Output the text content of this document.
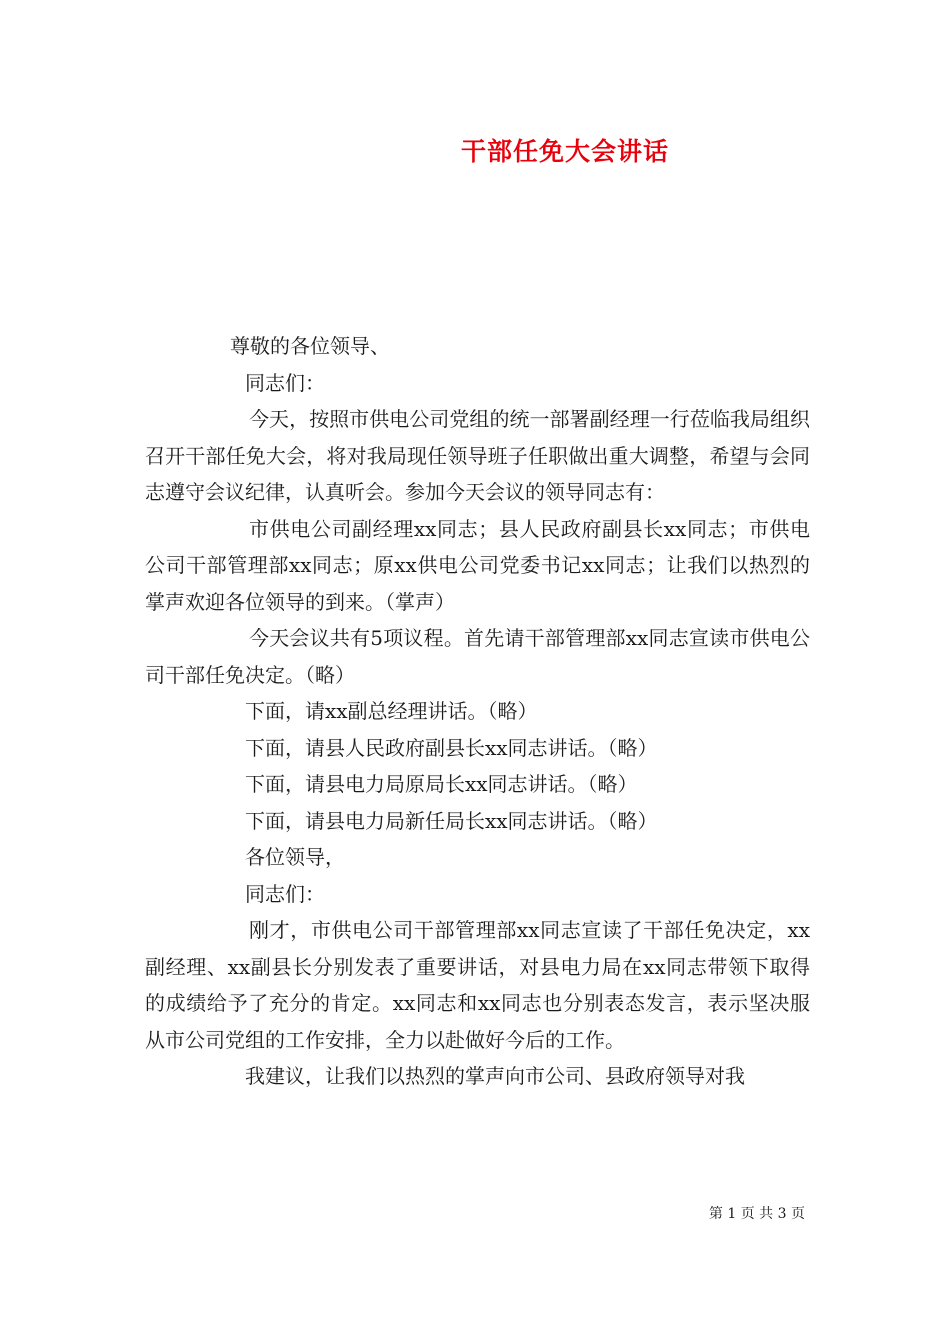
干部任免大会讲话

尊敬的各位领导、

同志们：

今天，按照市供电公司党组的统一部署副经理一行莅临我局组织召开干部任免大会，将对我局现任领导班子任职做出重大调整，希望与会同志遵守会议纪律，认真听会。参加今天会议的领导同志有：

市供电公司副经理xx同志；县人民政府副县长xx同志；市供电公司干部管理部xx同志；原xx供电公司党委书记xx同志；让我们以热烈的掌声欢迎各位领导的到来。（掌声）

今天会议共有5项议程。首先请干部管理部xx同志宣读市供电公司干部任免决定。（略）

下面，请xx副总经理讲话。（略）

下面，请县人民政府副县长xx同志讲话。（略）

下面，请县电力局原局长xx同志讲话。（略）

下面，请县电力局新任局长xx同志讲话。（略）

各位领导，

同志们：

刚才，市供电公司干部管理部xx同志宣读了干部任免决定，xx副经理、xx副县长分别发表了重要讲话，对县电力局在xx同志带领下取得的成绩给予了充分的肯定。xx同志和xx同志也分别表态发言，表示坚决服从市公司党组的工作安排，全力以赴做好今后的工作。

我建议，让我们以热烈的掌声向市公司、县政府领导对我

第 1 页 共 3 页
